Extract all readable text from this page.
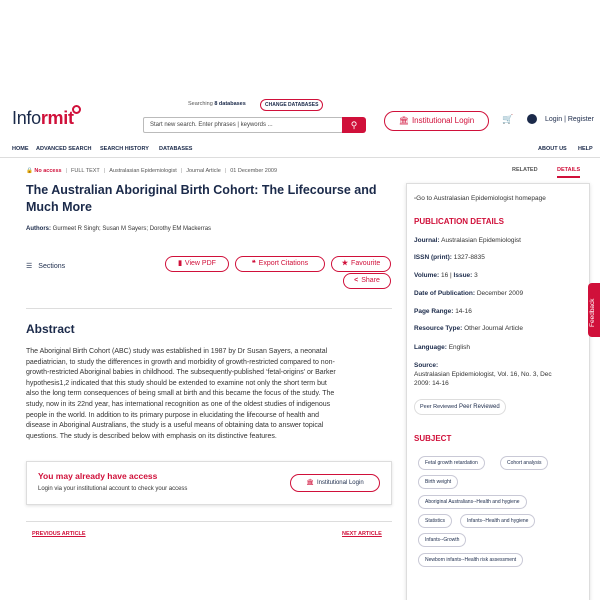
Informit
Searching 8 databases	CHANGE DATABASES
Start new search. Enter phrases | keywords ...	⚲	🏛 Institutional Login	🛒	Login | Register
HOME ADVANCED SEARCH SEARCH HISTORY DATABASES	ABOUT US HELP
🔒 No access | FULL TEXT | Australasian Epidemiologist | Journal Article | 01 December 2009	RELATED	DETAILS
The Australian Aboriginal Birth Cohort: The Lifecourse and Much More
Authors: Gurmeet R Singh; Susan M Sayers; Dorothy EM Mackerras
☰ Sections	▮ View PDF	❝ Export Citations	★ Favourite
< Share
Abstract
The Aboriginal Birth Cohort (ABC) study was established in 1987 by Dr Susan Sayers, a neonatal
paediatrician, to study the differences in growth and morbidity of growth-restricted compared to non-
growth-restricted Aboriginal babies in childhood. The subsequently-published ‘fetal-origins’ or Barker
hypothesis1,2 indicated that this study should be extended to examine not only the short term but
also the long term consequences of being small at birth and this became the focus of the study. The
study, now in its 22nd year, has international recognition as one of the oldest studies of indigenous
people in the world. In addition to its primary purpose in elucidating the lifecourse of health and
disease in Aboriginal Australians, the study is a useful means of obtaining data to answer topical
questions. The study is described below with emphasis on its distinctive features.
You may already have access
Login via your institutional account to check your access
🏛 Institutional Login
PREVIOUS ARTICLE	NEXT ARTICLE
▫Go to Australasian Epidemiologist homepage
PUBLICATION DETAILS
Journal: Australasian Epidemiologist
ISSN (print): 1327-8835
Volume: 16 | Issue: 3
Date of Publication: December 2009
Page Range: 14-16
Resource Type: Other Journal Article
Language: English
Source:
Australasian Epidemiologist, Vol. 16, No. 3, Dec 2009: 14-16
Peer Reviewed Peer Reviewed
SUBJECT
Fetal growth retardation	Cohort analysis
Birth weight
Aboriginal Australians--Health and hygiene
Statistics	Infants--Health and hygiene
Infants--Growth
Newborn infants--Health risk assessment
Feedback
